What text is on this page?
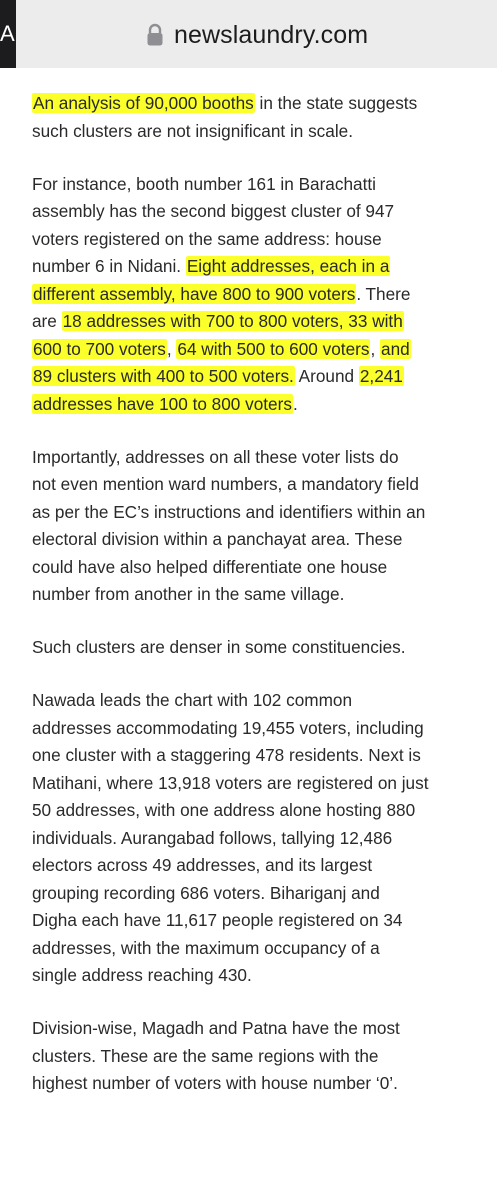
A	newslaundry.com

An analysis of 90,000 booths in the state suggests
such clusters are not insignificant in scale.

For instance, booth number 161 in Barachatti
assembly has the second biggest cluster of 947
voters registered on the same address: house
number 6 in Nidani. Eight addresses, each in a
different assembly, have 800 to 900 voters. There
are 18 addresses with 700 to 800 voters, 33 with
600 to 700 voters, 64 with 500 to 600 voters, and
89 clusters with 400 to 500 voters. Around 2,241
addresses have 100 to 800 voters.

Importantly, addresses on all these voter lists do
not even mention ward numbers, a mandatory field
as per the EC’s instructions and identifiers within an
electoral division within a panchayat area. These
could have also helped differentiate one house
number from another in the same village.

Such clusters are denser in some constituencies.

Nawada leads the chart with 102 common
addresses accommodating 19,455 voters, including
one cluster with a staggering 478 residents. Next is
Matihani, where 13,918 voters are registered on just
50 addresses, with one address alone hosting 880
individuals. Aurangabad follows, tallying 12,486
electors across 49 addresses, and its largest
grouping recording 686 voters. Bihariganj and
Digha each have 11,617 people registered on 34
addresses, with the maximum occupancy of a
single address reaching 430.

Division-wise, Magadh and Patna have the most
clusters. These are the same regions with the
highest number of voters with house number ‘0’.
